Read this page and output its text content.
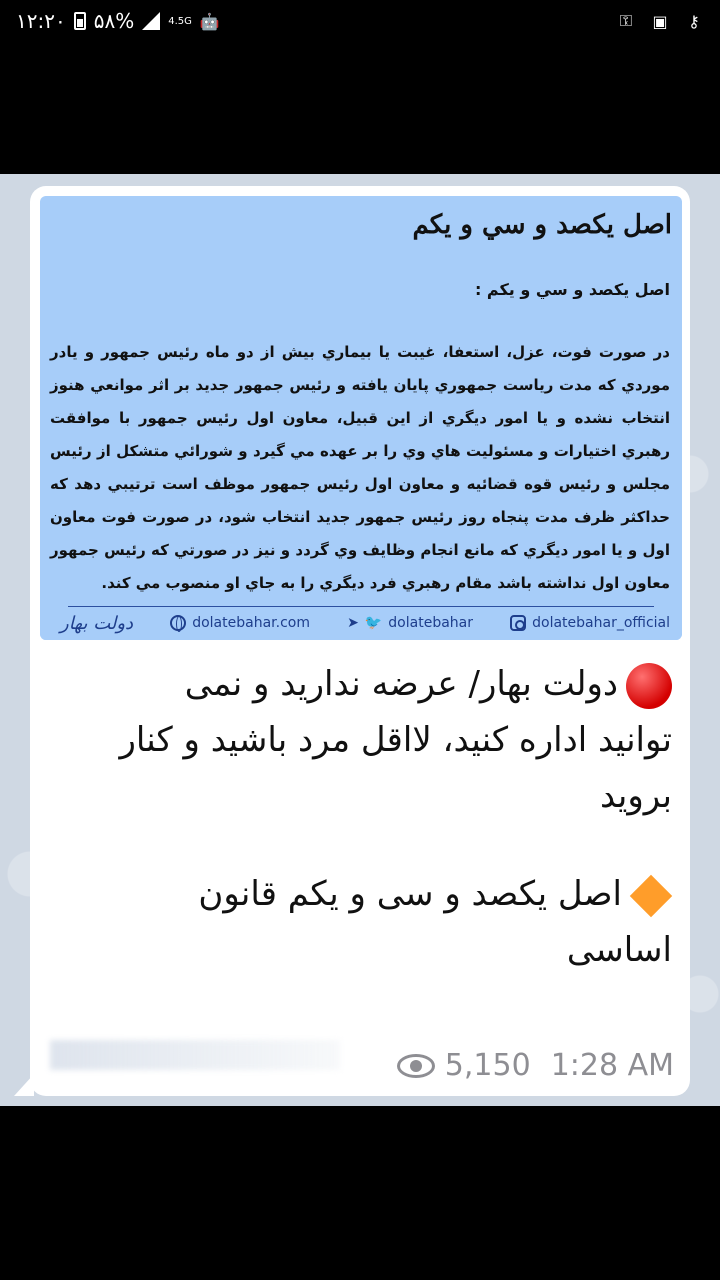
۱۲:۲۰ ۵۸%	4.5G 🤖	⚿ ▣ ⚷
اصل يكصد و سي و يكم
اصل يكصد و سي و يكم :
در صورت فوت، عزل، استعفا، غيبت يا بيماري بيش از دو ماه رئيس جمهور و يادر موردي كه مدت رياست جمهوري پايان يافته و رئيس جمهور جديد بر اثر موانعي هنوز انتخاب نشده و يا امور ديگري از اين قبيل، معاون اول رئيس جمهور با موافقت رهبري اختيارات و مسئوليت هاي وي را بر عهده مي گيرد و شورائي متشكل از رئيس مجلس و رئيس قوه قضائيه و معاون اول رئيس جمهور موظف است ترتيبي دهد كه حداكثر ظرف مدت پنجاه روز رئيس جمهور جديد انتخاب شود، در صورت فوت معاون اول و يا امور ديگري كه مانع انجام وظايف وي گردد و نيز در صورتي كه رئيس جمهور معاون اول نداشته باشد مقام رهبري فرد ديگري را به جاي او منصوب مي كند.
دولت بهار	dolatebahar.com	➤ 🐦 dolatebahar	dolatebahar_official
دولت بهار/ عرضه ندارید و نمی توانید اداره کنید، لااقل مرد باشید و کنار بروید
اصل یکصد و سی و یکم قانون اساسی
5,150 1:28 AM
